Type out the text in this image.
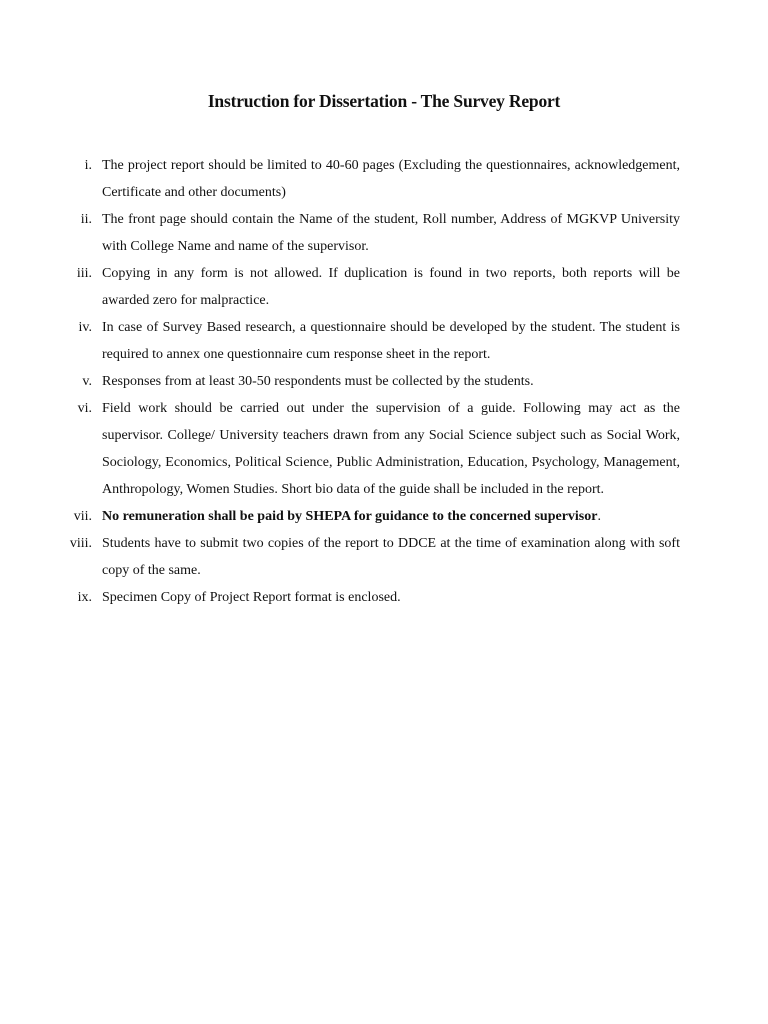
Instruction for Dissertation - The Survey Report
i. The project report should be limited to 40-60 pages (Excluding the questionnaires, acknowledgement, Certificate and other documents)
ii. The front page should contain the Name of the student, Roll number, Address of MGKVP University with College Name and name of the supervisor.
iii. Copying in any form is not allowed. If duplication is found in two reports, both reports will be awarded zero for malpractice.
iv. In case of Survey Based research, a questionnaire should be developed by the student. The student is required to annex one questionnaire cum response sheet in the report.
v. Responses from at least 30-50 respondents must be collected by the students.
vi. Field work should be carried out under the supervision of a guide. Following may act as the supervisor. College/ University teachers drawn from any Social Science subject such as Social Work, Sociology, Economics, Political Science, Public Administration, Education, Psychology, Management, Anthropology, Women Studies. Short bio data of the guide shall be included in the report.
vii. No remuneration shall be paid by SHEPA for guidance to the concerned supervisor.
viii. Students have to submit two copies of the report to DDCE at the time of examination along with soft copy of the same.
ix. Specimen Copy of Project Report format is enclosed.
